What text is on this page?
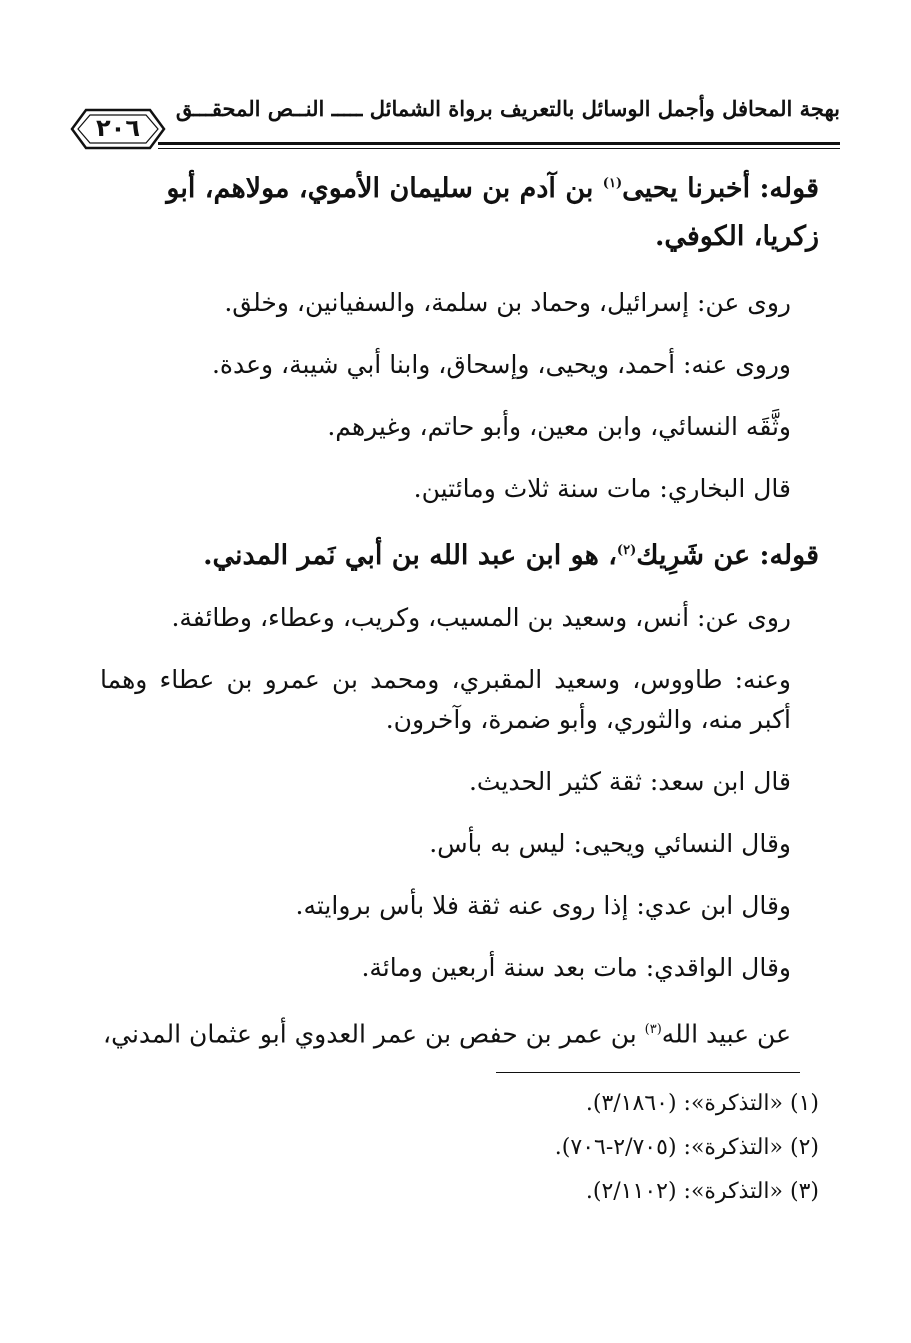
٢٠٦
بهجة المحافل وأجمل الوسائل بالتعريف برواة الشمائل ـــــ النــص المحقـــق

قوله: أخبرنا يحيى$^{(١)}$ بن آدم بن سليمان الأموي، مولاهم، أبو زكريا، الكوفي.

روى عن: إسرائيل، وحماد بن سلمة، والسفيانين، وخلق.

وروى عنه: أحمد، ويحيى، وإسحاق، وابنا أبي شيبة، وعدة.

وثَّقَه النسائي، وابن معين، وأبو حاتم، وغيرهم.

قال البخاري: مات سنة ثلاث ومائتين.

قوله: عن شَرِيك$^{(٢)}$، هو ابن عبد الله بن أبي نَمر المدني.

روى عن: أنس، وسعيد بن المسيب، وكريب، وعطاء، وطائفة.

وعنه: طاووس، وسعيد المقبري، ومحمد بن عمرو بن عطاء وهما أكبر منه، والثوري، وأبو ضمرة، وآخرون.

قال ابن سعد: ثقة كثير الحديث.

وقال النسائي ويحيى: ليس به بأس.

وقال ابن عدي: إذا روى عنه ثقة فلا بأس بروايته.

وقال الواقدي: مات بعد سنة أربعين ومائة.

عن عبيد الله$^{(٣)}$ بن عمر بن حفص بن عمر العدوي أبو عثمان المدني،

(١) «التذكرة»: (٣/١٨٦٠).

(٢) «التذكرة»: (٢/٧٠٥-٧٠٦).

(٣) «التذكرة»: (٢/١١٠٢).
